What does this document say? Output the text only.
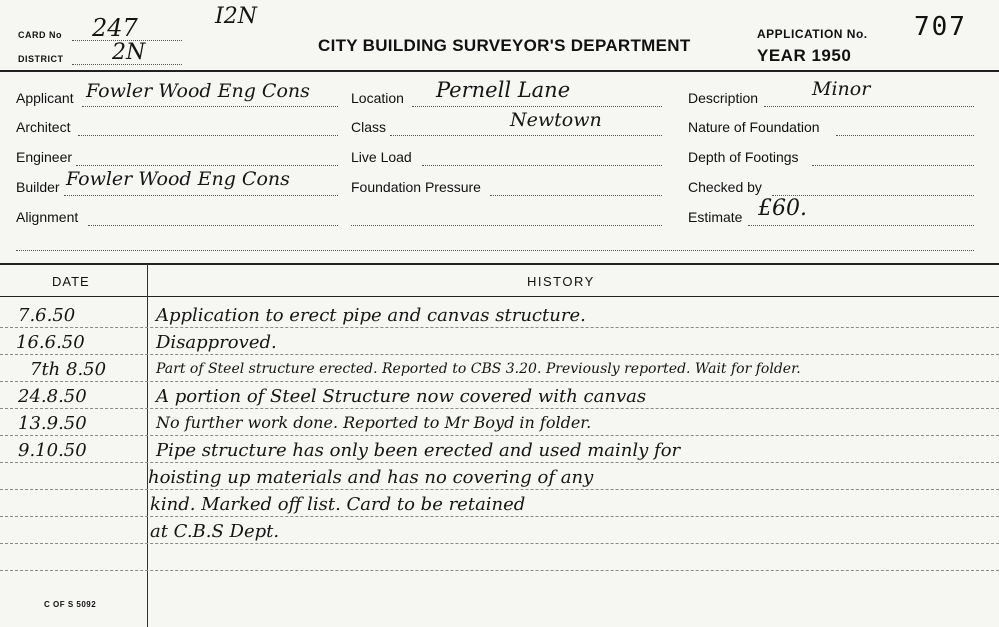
CARD No 247
DISTRICT 2N
I2N
CITY BUILDING SURVEYOR'S DEPARTMENT
APPLICATION No. 707
YEAR 1950
Applicant Fowler Wood Eng Cons
Architect
Engineer
Builder Fowler Wood Eng Cons
Alignment
Location Pernell Lane
Class	Newtown
Live Load
Foundation Pressure
Description	Minor
Nature of Foundation
Depth of Footings
Checked by
Estimate £60.
DATE	HISTORY
7.6.50	Application to erect pipe and canvas structure.
16.6.50	Disapproved.
7th 8.50	Part of Steel structure erected. Reported to CBS 3.20. Previously reported. Wait for folder.
24.8.50	A portion of Steel Structure now covered with canvas
13.9.50	No further work done. Reported to Mr Boyd in folder.
9.10.50	Pipe structure has only been erected and used mainly for
hoisting up materials and has no covering of any
kind. Marked off list. Card to be retained
at C.B.S Dept.
C OF S 5092
